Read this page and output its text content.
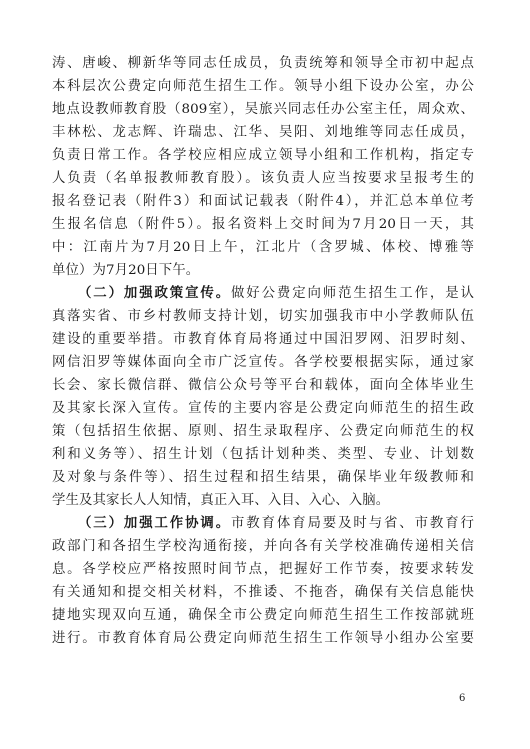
涛、唐峻、柳新华等同志任成员，负责统筹和领导全市初中起点
本科层次公费定向师范生招生工作。领导小组下设办公室，办公
地点设教师教育股（809室），吴旅兴同志任办公室主任，周众欢、
丰林松、龙志辉、许瑞忠、江华、吴阳、刘地维等同志任成员，
负责日常工作。各学校应相应成立领导小组和工作机构，指定专
人负责（名单报教师教育股）。该负责人应当按要求呈报考生的
报名登记表（附件3）和面试记载表（附件4），并汇总本单位考
生报名信息（附件5）。报名资料上交时间为7月20日一天，其
中：江南片为7月20日上午，江北片（含罗城、体校、博雅等
单位）为7月20日下午。
（二）加强政策宣传。做好公费定向师范生招生工作，是认
真落实省、市乡村教师支持计划，切实加强我市中小学教师队伍
建设的重要举措。市教育体育局将通过中国汨罗网、汨罗时刻、
网信汨罗等媒体面向全市广泛宣传。各学校要根据实际，通过家
长会、家长微信群、微信公众号等平台和载体，面向全体毕业生
及其家长深入宣传。宣传的主要内容是公费定向师范生的招生政
策（包括招生依据、原则、招生录取程序、公费定向师范生的权
利和义务等）、招生计划（包括计划种类、类型、专业、计划数
及对象与条件等）、招生过程和招生结果，确保毕业年级教师和
学生及其家长人人知情，真正入耳、入目、入心、入脑。
（三）加强工作协调。市教育体育局要及时与省、市教育行
政部门和各招生学校沟通衔接，并向各有关学校准确传递相关信
息。各学校应严格按照时间节点，把握好工作节奏，按要求转发
有关通知和提交相关材料，不推诿、不拖沓，确保有关信息能快
捷地实现双向互通，确保全市公费定向师范生招生工作按部就班
进行。市教育体育局公费定向师范生招生工作领导小组办公室要
6
